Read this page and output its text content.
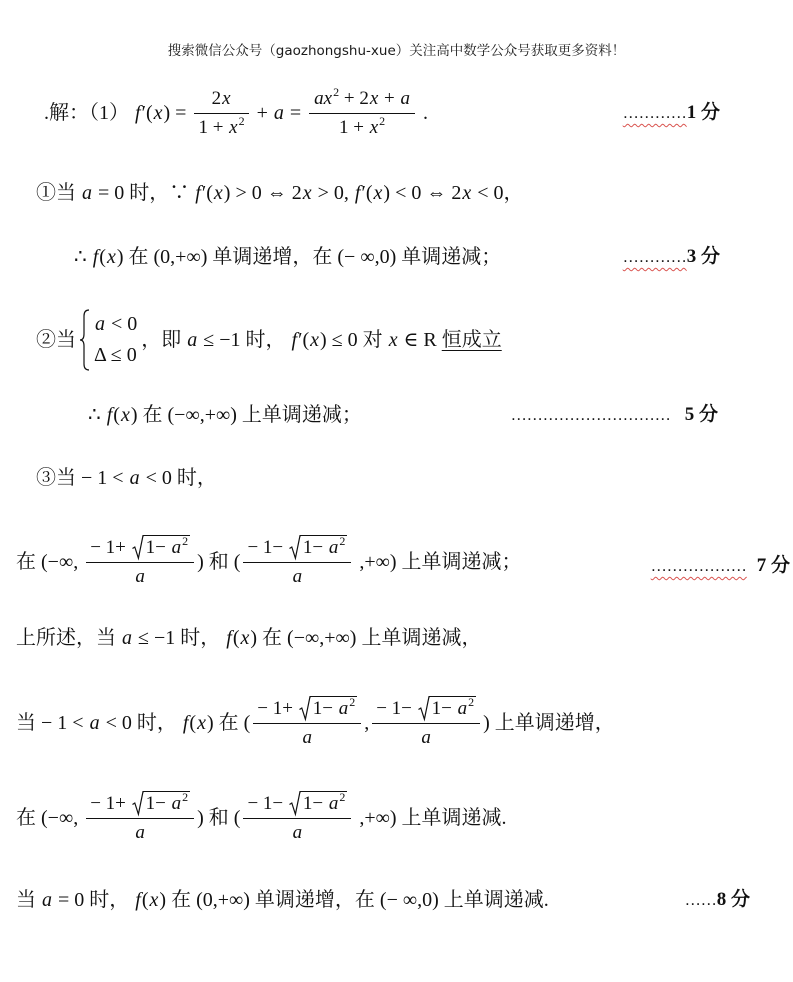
搜索微信公众号（gaozhongshu-xue）关注高中数学公众号获取更多资料！
.解：（1） f ′( x ) = $\frac{2x}{1 + x^2} + a = \frac{ax^2 + 2x + a}{1 + x^2}$ .
①当 a = 0 时，∵ f ′( x ) > 0 ⇔ 2 x > 0, f ′( x ) < 0 ⇔ 2 x < 0，
∴ f ( x ) 在 (0,+∞) 单调递增，在 (− ∞,0) 单调递减；
②当
a < 0
Δ ≤ 0
，即 a ≤ −1 时， f ′( x ) ≤ 0 对 x ∈ R 恒成立
∴ f ( x ) 在 (−∞,+∞) 上单调递减；
③当 − 1 < a < 0 时，
在 (−∞, $\frac{- 1+ 1- a^2}{a}$ ) 和 ( $\frac{- 1- 1- a^2}{a}$ ,+∞) 上单调递减；
上所述，当 a ≤ −1 时， f ( x ) 在 (−∞,+∞) 上单调递减，
当 − 1 < a < 0 时， f ( x ) 在 ( $\frac{- 1+ 1- a^2}{a}$ , $\frac{- 1- 1- a^2}{a}$ ) 上单调递增，
在 (−∞, $\frac{- 1+ 1- a^2}{a}$ ) 和 ( $\frac{- 1- 1- a^2}{a}$ ,+∞) 上单调递减.
当 a = 0 时， f ( x ) 在 (0,+∞) 单调递增，在 (− ∞,0) 上单调递减.
…………1 分
…………3 分
………………………… 5 分
……………… 7 分
……8 分
